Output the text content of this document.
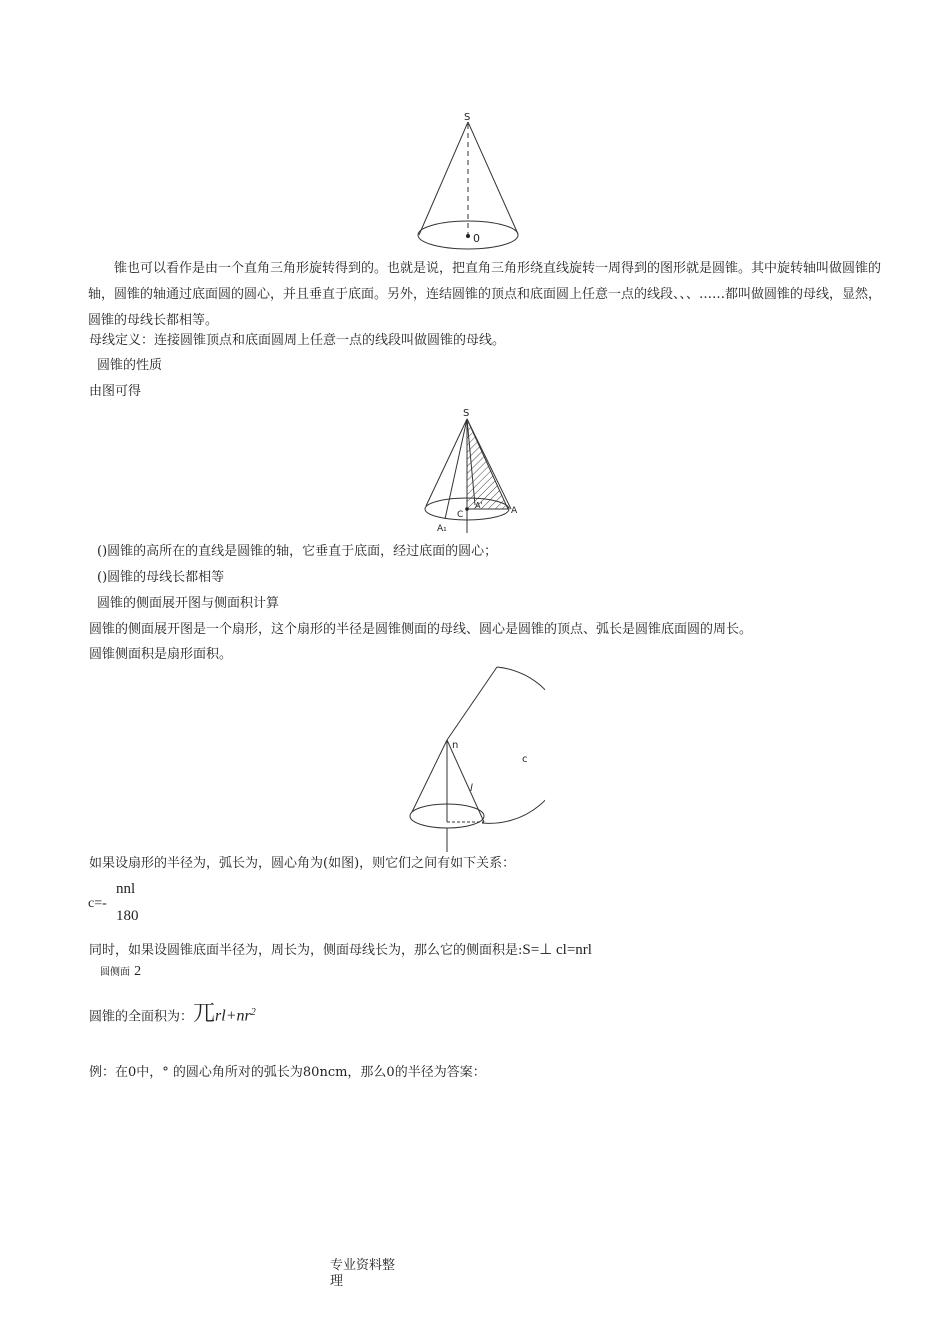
S
0
锥也可以看作是由一个直角三角形旋转得到的。也就是说，把直角三角形绕直线旋转一周得到的图形就是圆锥。其中旋转轴叫做圆锥的轴，圆锥的轴通过底面圆的圆心，并且垂直于底面。另外，连结圆锥的顶点和底面圆上任意一点的线段、、、……都叫做圆锥的母线，显然，圆锥的母线长都相等。
母线定义：连接圆锥顶点和底面圆周上任意一点的线段叫做圆锥的母线。
圆锥的性质
由图可得
S
C
A'
A
A₁
()圆锥的高所在的直线是圆锥的轴，它垂直于底面，经过底面的圆心；
()圆锥的母线长都相等
圆锥的侧面展开图与侧面积计算
圆锥的侧面展开图是一个扇形，这个扇形的半径是圆锥侧面的母线、圆心是圆锥的顶点、弧长是圆锥底面圆的周长。
圆锥侧面积是扇形面积。
n
l
c
如果设扇形的半径为，弧长为，圆心角为(如图)，则它们之间有如下关系：
c=-
nnl
180
同时，如果设圆锥底面半径为，周长为，侧面母线长为，那么它的侧面积是:S=⊥ cl=nrl
圆侧面 2
圆锥的全面积为：兀$rl+nr^2$
例：在0中，° 的圆心角所对的弧长为80ncm，那么0的半径为答案：
专业资料整
理
